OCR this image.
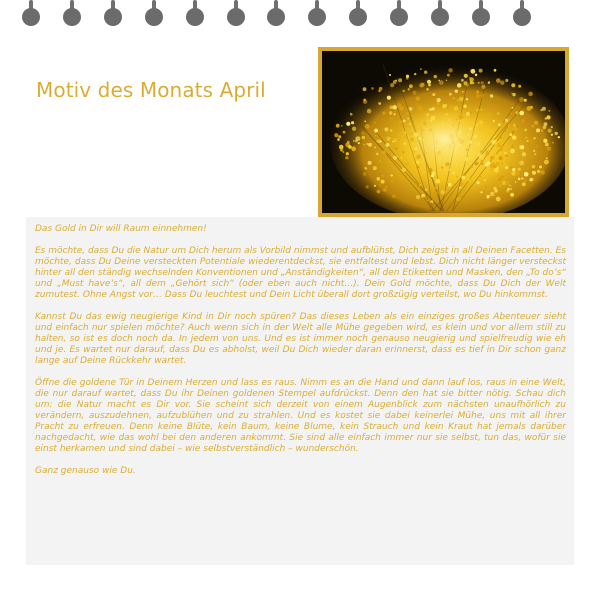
Motiv des Monats April

Das Gold in Dir will Raum einnehmen!

Es möchte, dass Du die Natur um Dich herum als Vorbild nimmst und aufblühst, Dich zeigst in all Deinen Facetten. Es möchte, dass Du Deine versteckten Potentiale wiederentdeckst, sie entfaltest und lebst. Dich nicht länger versteckst hinter all den ständig wechselnden Konventionen und „Anständigkeiten“, all den Etiketten und Masken, den „To do’s“ und „Must have’s“, all dem „Gehört sich“ (oder eben auch nicht…). Dein Gold möchte, dass Du Dich der Welt zumutest. Ohne Angst vor… Dass Du leuchtest und Dein Licht überall dort großzügig verteilst, wo Du hinkommst.

Kannst Du das ewig neugierige Kind in Dir noch spüren? Das dieses Leben als ein einziges großes Abenteuer sieht und einfach nur spielen möchte? Auch wenn sich in der Welt alle Mühe gegeben wird, es klein und vor allem still zu halten, so ist es doch noch da. In jedem von uns. Und es ist immer noch genauso neugierig und spielfreudig wie eh und je. Es wartet nur darauf, dass Du es abholst, weil Du Dich wieder daran erinnerst, dass es tief in Dir schon ganz lange auf Deine Rückkehr wartet.

Öffne die goldene Tür in Deinem Herzen und lass es raus. Nimm es an die Hand und dann lauf los, raus in eine Welt, die nur darauf wartet, dass Du ihr Deinen goldenen Stempel aufdrückst. Denn den hat sie bitter nötig. Schau dich um: die Natur macht es Dir vor. Sie scheint sich derzeit von einem Augenblick zum nächsten unaufhörlich zu verändern, auszudehnen, aufzublühen und zu strahlen. Und es kostet sie dabei keinerlei Mühe, uns mit all ihrer Pracht zu erfreuen. Denn keine Blüte, kein Baum, keine Blume, kein Strauch und kein Kraut hat jemals darüber nachgedacht, wie das wohl bei den anderen ankommt. Sie sind alle einfach immer nur sie selbst, tun das, wofür sie einst herkamen und sind dabei – wie selbstverständlich – wunderschön.

Ganz genauso wie Du.
